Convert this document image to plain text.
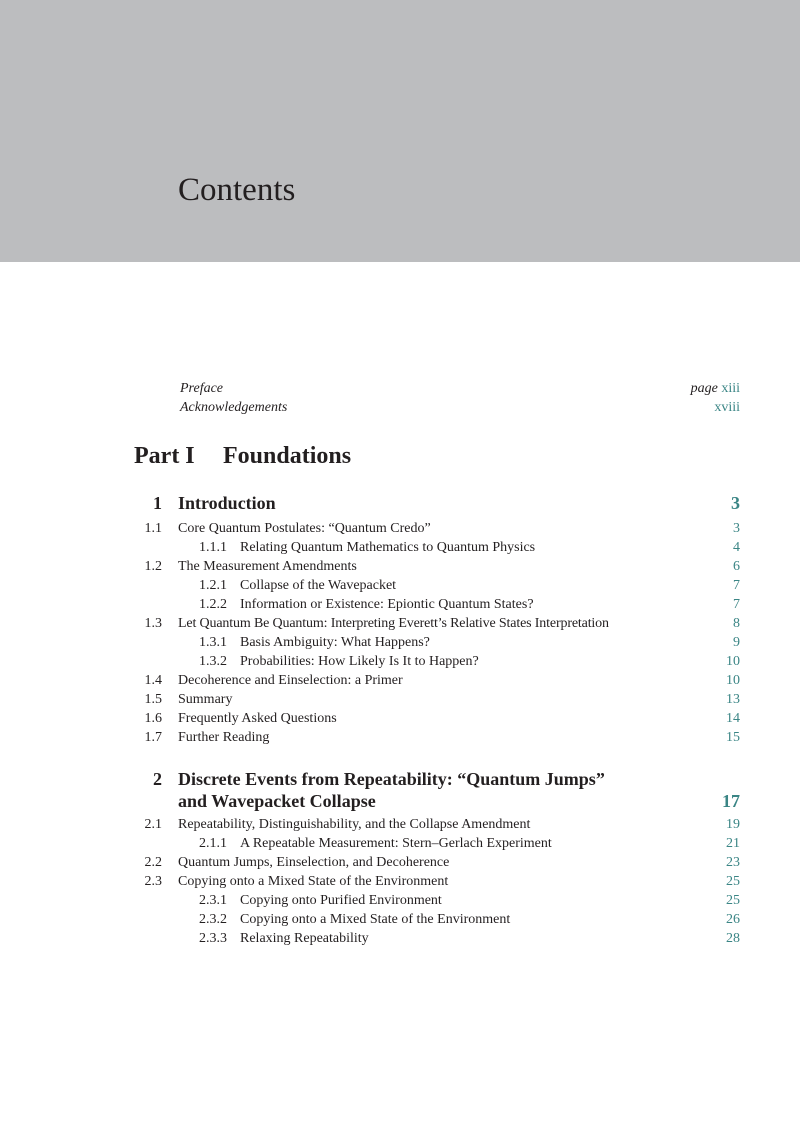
Contents
Preface	page xiii
Acknowledgements	xviii
Part I Foundations
1 Introduction	3
1.1 Core Quantum Postulates: “Quantum Credo”	3
1.1.1 Relating Quantum Mathematics to Quantum Physics	4
1.2 The Measurement Amendments	6
1.2.1 Collapse of the Wavepacket	7
1.2.2 Information or Existence: Epiontic Quantum States?	7
1.3 Let Quantum Be Quantum: Interpreting Everett’s Relative States Interpretation	8
1.3.1 Basis Ambiguity: What Happens?	9
1.3.2 Probabilities: How Likely Is It to Happen?	10
1.4 Decoherence and Einselection: a Primer	10
1.5 Summary	13
1.6 Frequently Asked Questions	14
1.7 Further Reading	15
2 Discrete Events from Repeatability: “Quantum Jumps”
and Wavepacket Collapse	17
2.1 Repeatability, Distinguishability, and the Collapse Amendment	19
2.1.1 A Repeatable Measurement: Stern–Gerlach Experiment	21
2.2 Quantum Jumps, Einselection, and Decoherence	23
2.3 Copying onto a Mixed State of the Environment	25
2.3.1 Copying onto Purified Environment	25
2.3.2 Copying onto a Mixed State of the Environment	26
2.3.3 Relaxing Repeatability	28
